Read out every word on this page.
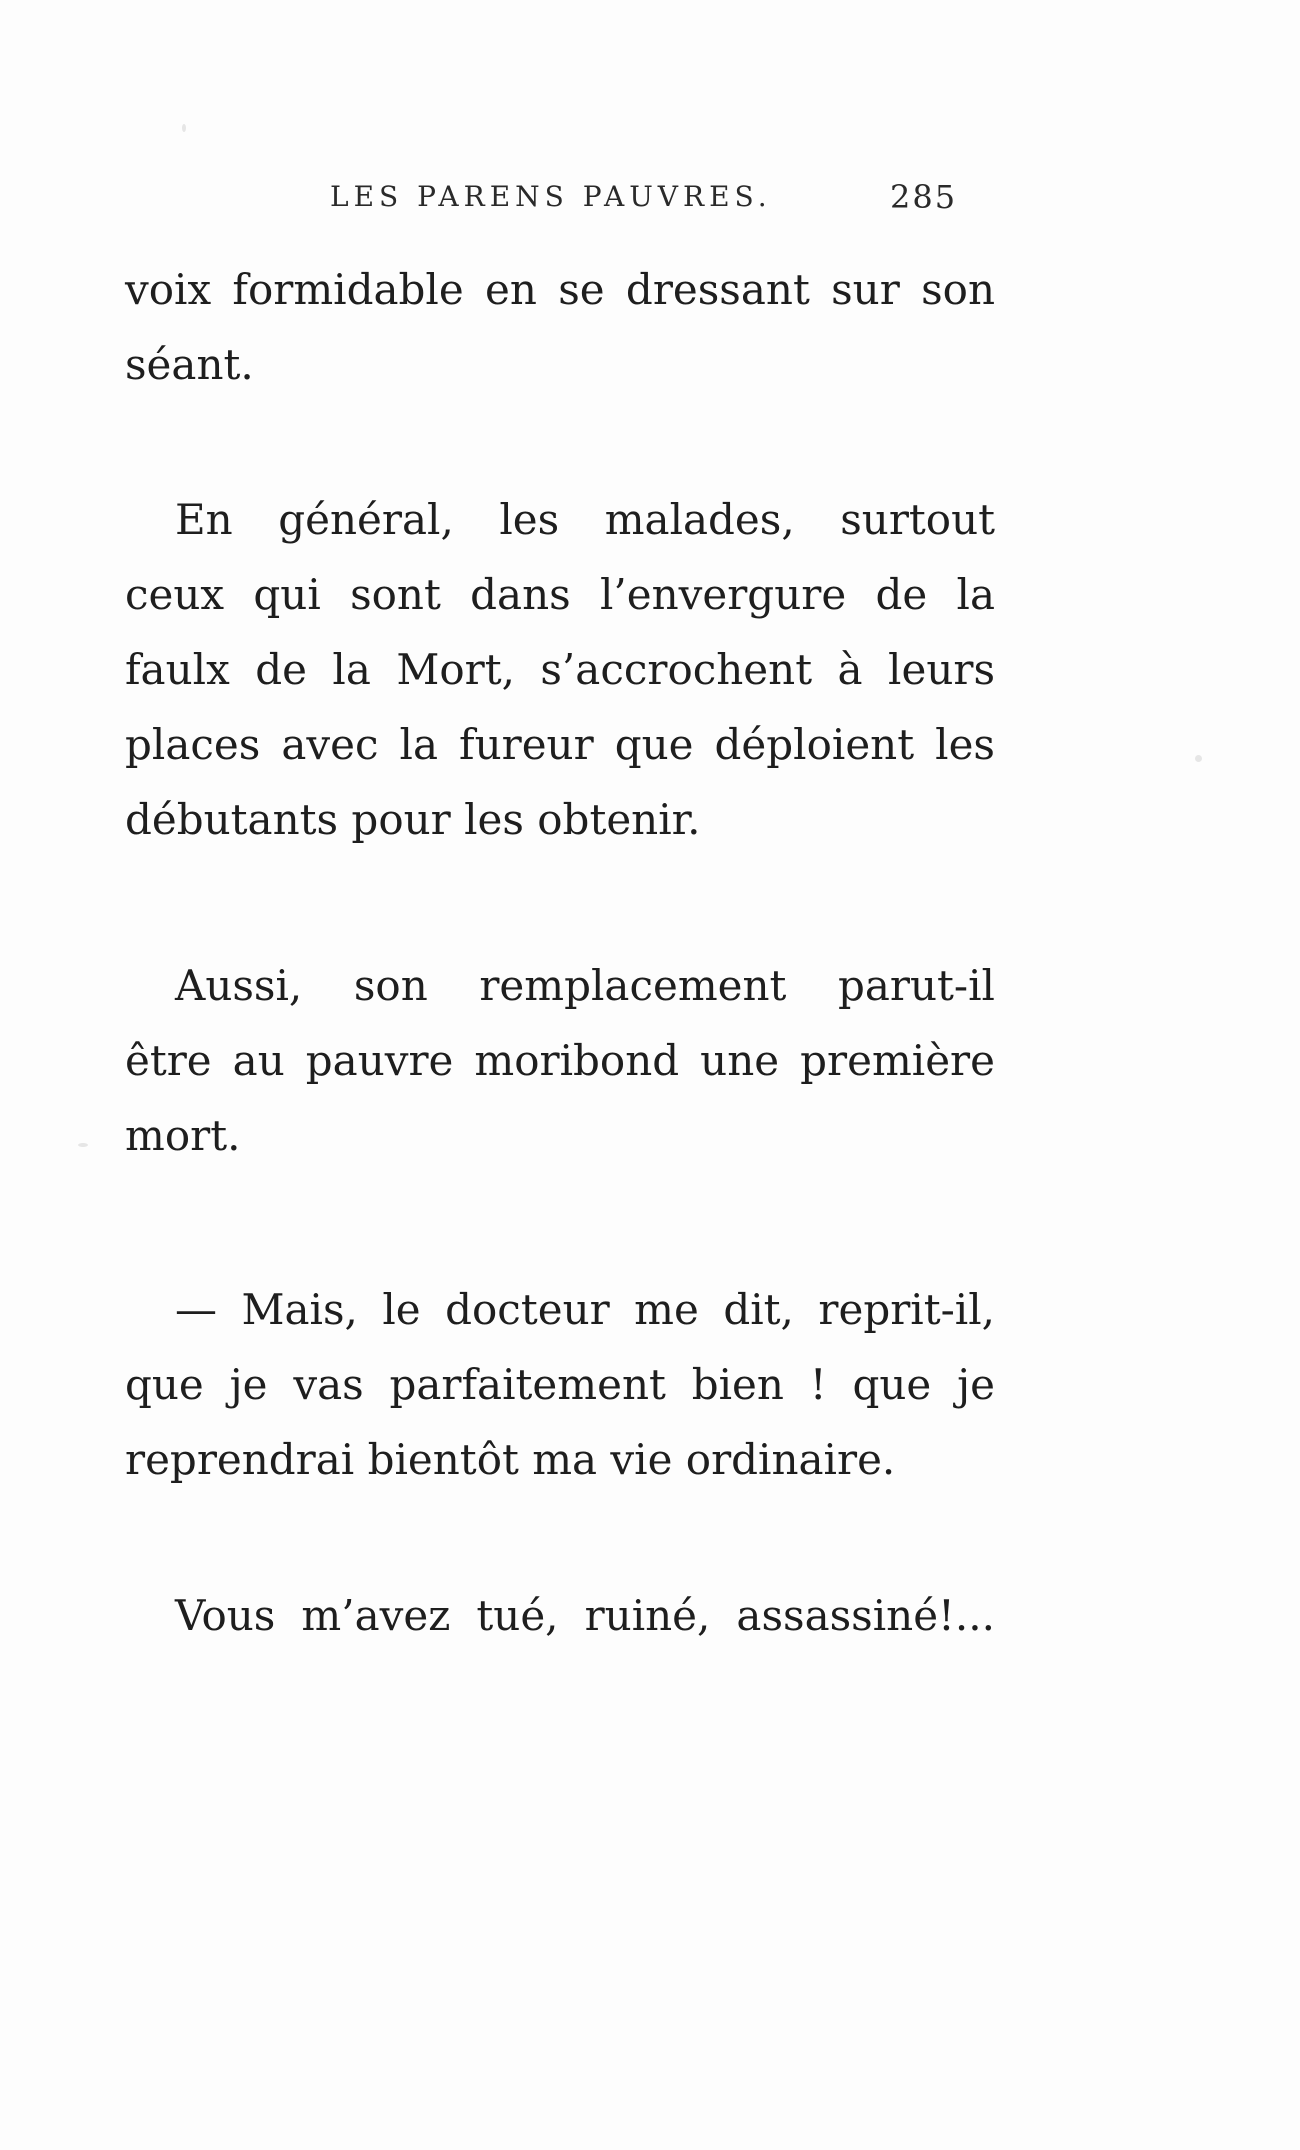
LES PARENS PAUVRES.	285

voix formidable en se dressant sur son
séant.

En général, les malades, surtout
ceux qui sont dans l’envergure de la
faulx de la Mort, s’accrochent à leurs
places avec la fureur que déploient les
débutants pour les obtenir.

Aussi, son remplacement parut-il
être au pauvre moribond une première
mort.

— Mais, le docteur me dit, reprit-il,
que je vas parfaitement bien ! que je
reprendrai bientôt ma vie ordinaire.

Vous m’avez tué, ruiné, assassiné!...
